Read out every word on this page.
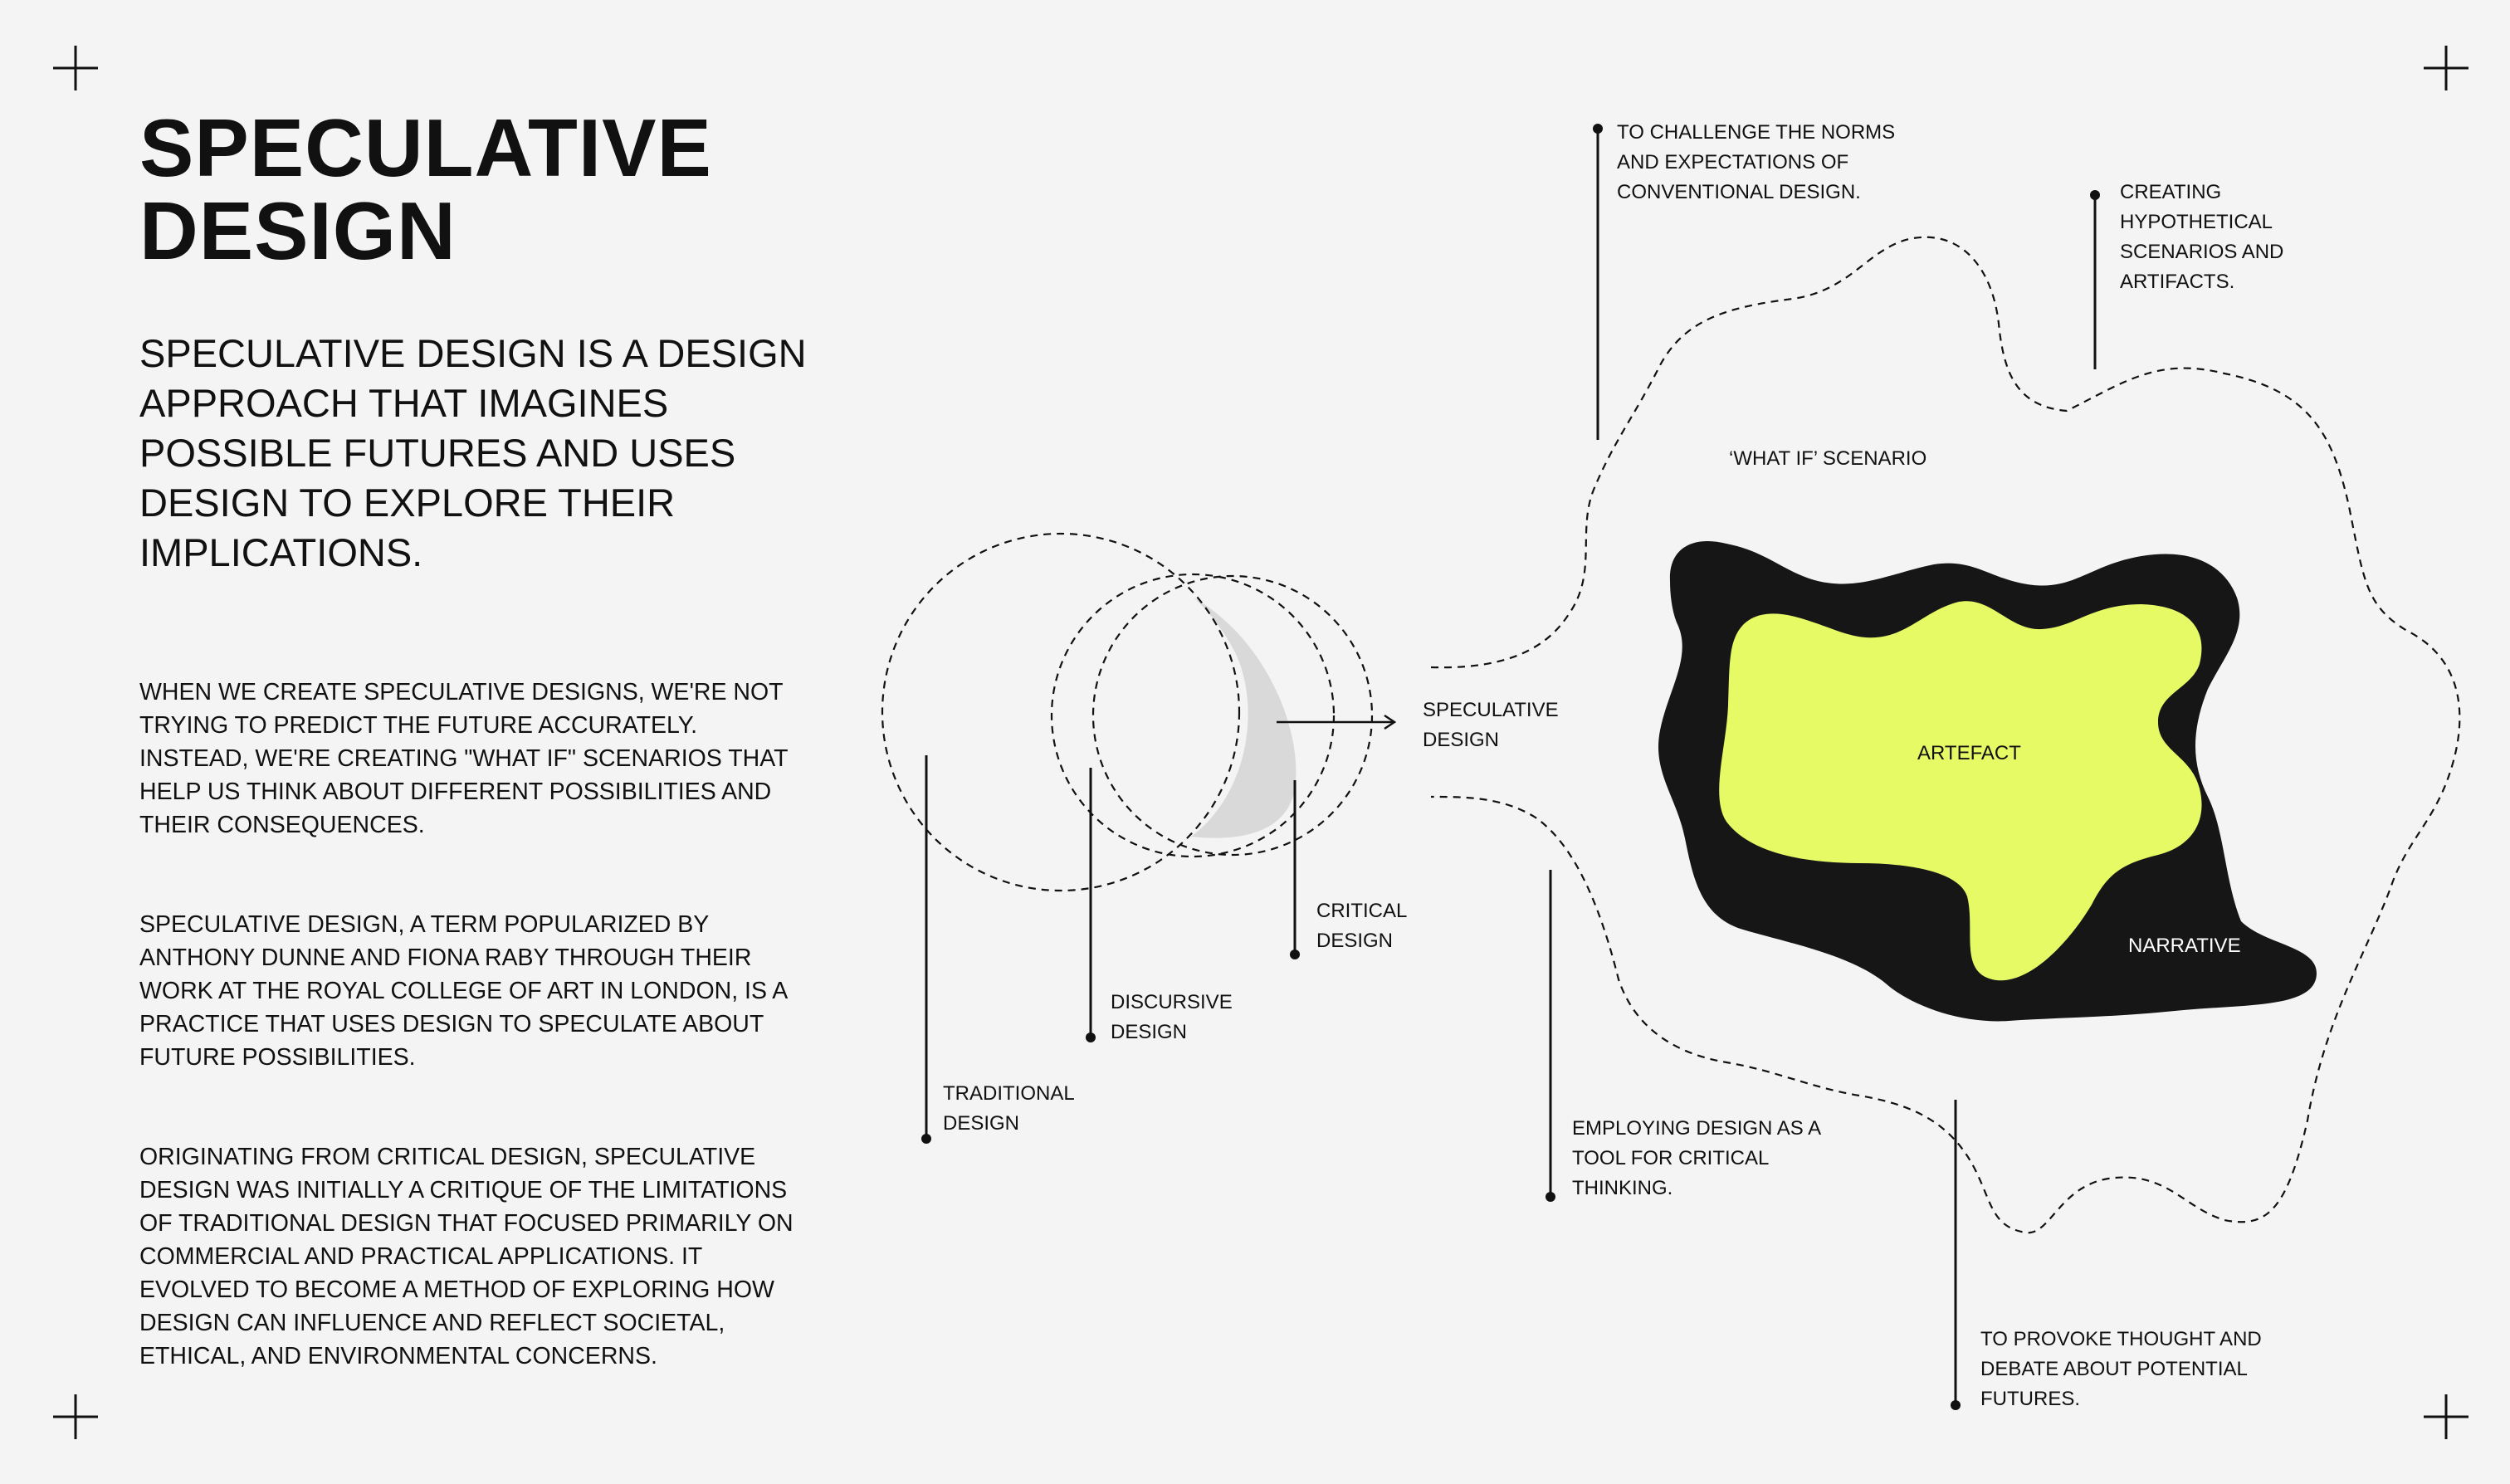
SPECULATIVE
DESIGN

SPECULATIVE DESIGN IS A DESIGN APPROACH THAT IMAGINES POSSIBLE FUTURES AND USES DESIGN TO EXPLORE THEIR IMPLICATIONS.

WHEN WE CREATE SPECULATIVE DESIGNS, WE'RE NOT TRYING TO PREDICT THE FUTURE ACCURATELY. INSTEAD, WE'RE CREATING "WHAT IF" SCENARIOS THAT HELP US THINK ABOUT DIFFERENT POSSIBILITIES AND THEIR CONSEQUENCES.

SPECULATIVE DESIGN, A TERM POPULARIZED BY ANTHONY DUNNE AND FIONA RABY THROUGH THEIR WORK AT THE ROYAL COLLEGE OF ART IN LONDON, IS A PRACTICE THAT USES DESIGN TO SPECULATE ABOUT FUTURE POSSIBILITIES.

ORIGINATING FROM CRITICAL DESIGN, SPECULATIVE DESIGN WAS INITIALLY A CRITIQUE OF THE LIMITATIONS OF TRADITIONAL DESIGN THAT FOCUSED PRIMARILY ON COMMERCIAL AND PRACTICAL APPLICATIONS. IT EVOLVED TO BECOME A METHOD OF EXPLORING HOW DESIGN CAN INFLUENCE AND REFLECT SOCIETAL, ETHICAL, AND ENVIRONMENTAL CONCERNS.

TRADITIONAL
DESIGN

DISCURSIVE
DESIGN

CRITICAL
DESIGN

SPECULATIVE
DESIGN

‘WHAT IF’ SCENARIO

ARTEFACT

NARRATIVE

TO CHALLENGE THE NORMS
AND EXPECTATIONS OF
CONVENTIONAL DESIGN.	CREATING
HYPOTHETICAL
SCENARIOS AND
ARTIFACTS.

EMPLOYING DESIGN AS A
TOOL FOR CRITICAL
THINKING.

TO PROVOKE THOUGHT AND
DEBATE ABOUT POTENTIAL
FUTURES.
